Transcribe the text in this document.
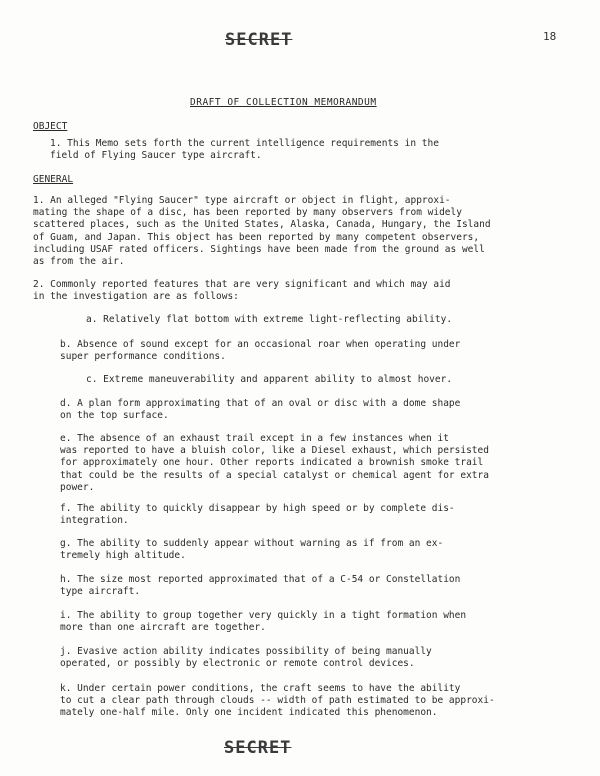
18
SECRET
DRAFT OF COLLECTION MEMORANDUM
OBJECT
1. This Memo sets forth the current intelligence requirements in the
field of Flying Saucer type aircraft.
GENERAL
1. An alleged "Flying Saucer" type aircraft or object in flight, approxi-
mating the shape of a disc, has been reported by many observers from widely
scattered places, such as the United States, Alaska, Canada, Hungary, the Island
of Guam, and Japan. This object has been reported by many competent observers,
including USAF rated officers. Sightings have been made from the ground as well
as from the air.
2. Commonly reported features that are very significant and which may aid
in the investigation are as follows:
a. Relatively flat bottom with extreme light-reflecting ability.
b. Absence of sound except for an occasional roar when operating under
super performance conditions.
c. Extreme maneuverability and apparent ability to almost hover.
d. A plan form approximating that of an oval or disc with a dome shape
on the top surface.
e. The absence of an exhaust trail except in a few instances when it
was reported to have a bluish color, like a Diesel exhaust, which persisted
for approximately one hour. Other reports indicated a brownish smoke trail
that could be the results of a special catalyst or chemical agent for extra
power.
f. The ability to quickly disappear by high speed or by complete dis-
integration.
g. The ability to suddenly appear without warning as if from an ex-
tremely high altitude.
h. The size most reported approximated that of a C-54 or Constellation
type aircraft.
i. The ability to group together very quickly in a tight formation when
more than one aircraft are together.
j. Evasive action ability indicates possibility of being manually
operated, or possibly by electronic or remote control devices.
k. Under certain power conditions, the craft seems to have the ability
to cut a clear path through clouds -- width of path estimated to be approxi-
mately one-half mile. Only one incident indicated this phenomenon.
SECRET
